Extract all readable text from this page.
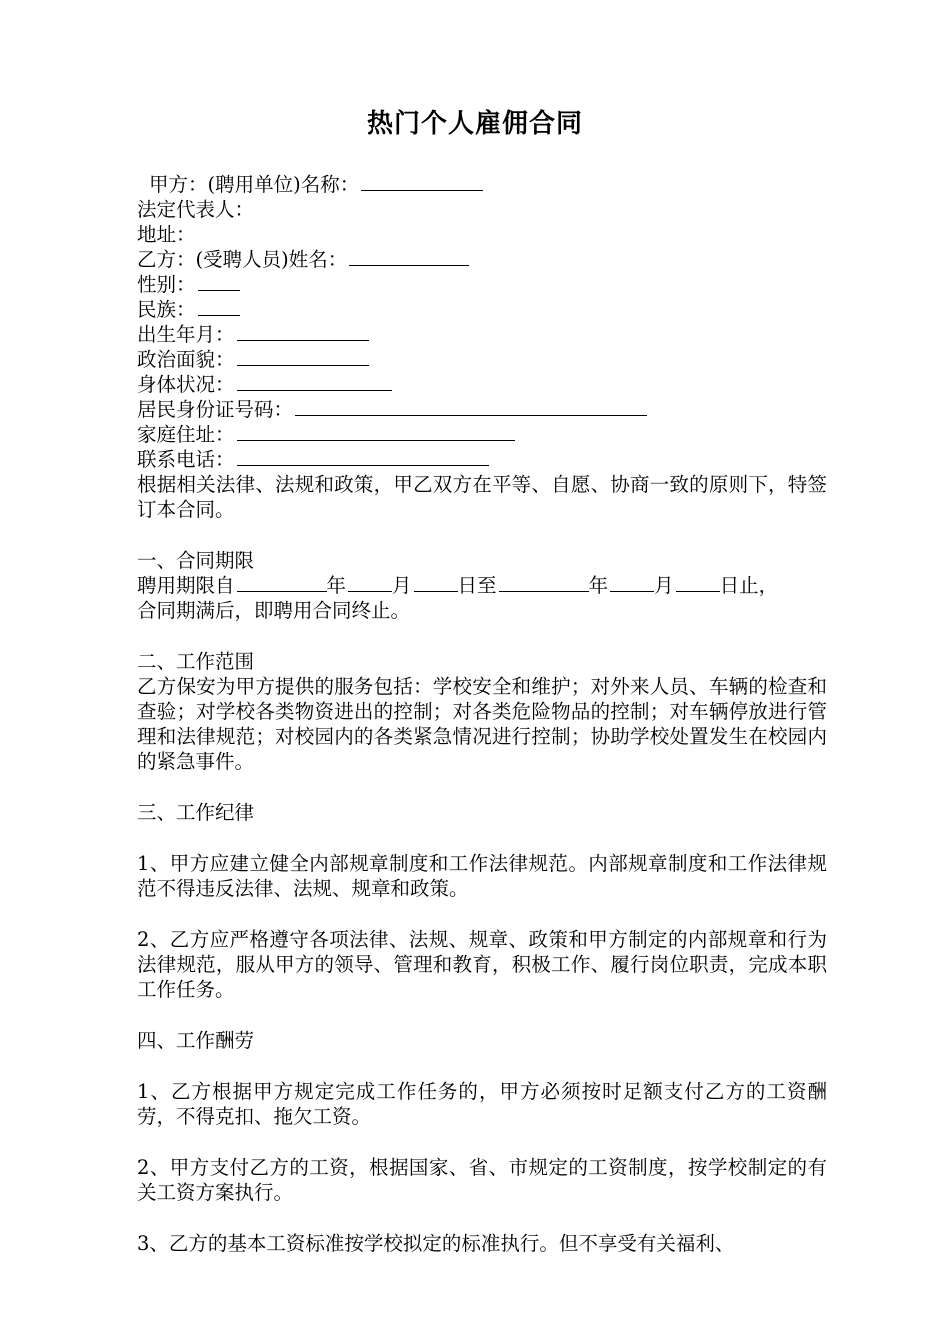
热门个人雇佣合同
甲方：(聘用单位)名称：
法定代表人：
地址：
乙方：(受聘人员)姓名：
性别：
民族：
出生年月：
政治面貌：
身体状况：
居民身份证号码：
家庭住址：
联系电话：
根据相关法律、法规和政策，甲乙双方在平等、自愿、协商一致的原则下，特签订本合同。
一、合同期限
聘用期限自	年 月 日至	年 月 日止，
合同期满后，即聘用合同终止。
二、工作范围
乙方保安为甲方提供的服务包括：学校安全和维护；对外来人员、车辆的检查和查验；对学校各类物资进出的控制；对各类危险物品的控制；对车辆停放进行管理和法律规范；对校园内的各类紧急情况进行控制；协助学校处置发生在校园内的紧急事件。
三、工作纪律
1、甲方应建立健全内部规章制度和工作法律规范。内部规章制度和工作法律规范不得违反法律、法规、规章和政策。
2、乙方应严格遵守各项法律、法规、规章、政策和甲方制定的内部规章和行为法律规范，服从甲方的领导、管理和教育，积极工作、履行岗位职责，完成本职工作任务。
四、工作酬劳
1、乙方根据甲方规定完成工作任务的，甲方必须按时足额支付乙方的工资酬劳，不得克扣、拖欠工资。
2、甲方支付乙方的工资，根据国家、省、市规定的工资制度，按学校制定的有关工资方案执行。
3、乙方的基本工资标准按学校拟定的标准执行。但不享受有关福利、
